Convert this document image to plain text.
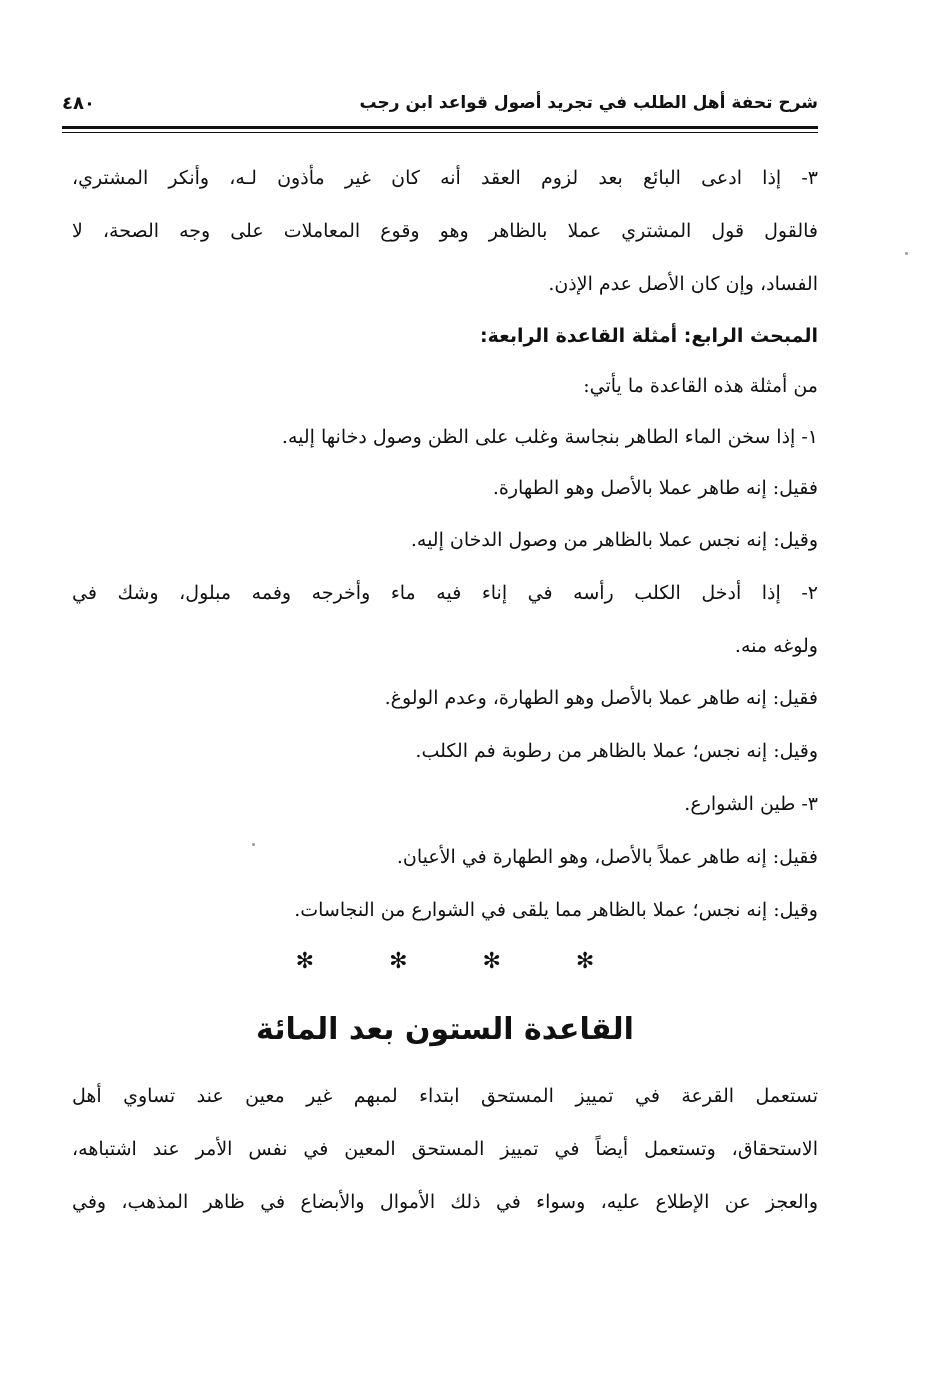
شرح تحفة أهل الطلب في تجريد أصول قواعد ابن رجب
٤٨٠

٣- إذا ادعى البائع بعد لزوم العقد أنه كان غير مأذون لـه، وأنكر المشتري،

فالقول قول المشتري عملا بالظاهر وهو وقوع المعاملات على وجه الصحة، لا

الفساد، وإن كان الأصل عدم الإذن.

المبحث الرابع: أمثلة القاعدة الرابعة:

من أمثلة هذه القاعدة ما يأتي:

١- إذا سخن الماء الطاهر بنجاسة وغلب على الظن وصول دخانها إليه.

فقيل: إنه طاهر عملا بالأصل وهو الطهارة.

وقيل: إنه نجس عملا بالظاهر من وصول الدخان إليه.

٢- إذا أدخل الكلب رأسه في إناء فيه ماء وأخرجه وفمه مبلول، وشك في

ولوغه منه.

فقيل: إنه طاهر عملا بالأصل وهو الطهارة، وعدم الولوغ.

وقيل: إنه نجس؛ عملا بالظاهر من رطوبة فم الكلب.

٣- طين الشوارع.

فقيل: إنه طاهر عملاً بالأصل، وهو الطهارة في الأعيان.

وقيل: إنه نجس؛ عملا بالظاهر مما يلقى في الشوارع من النجاسات.

✻ ✻ ✻ ✻
القاعدة الستون بعد المائة

تستعمل القرعة في تمييز المستحق ابتداء لمبهم غير معين عند تساوي أهل

الاستحقاق، وتستعمل أيضاً في تمييز المستحق المعين في نفس الأمر عند اشتباهه،

والعجز عن الإطلاع عليه، وسواء في ذلك الأموال والأبضاع في ظاهر المذهب، وفي
